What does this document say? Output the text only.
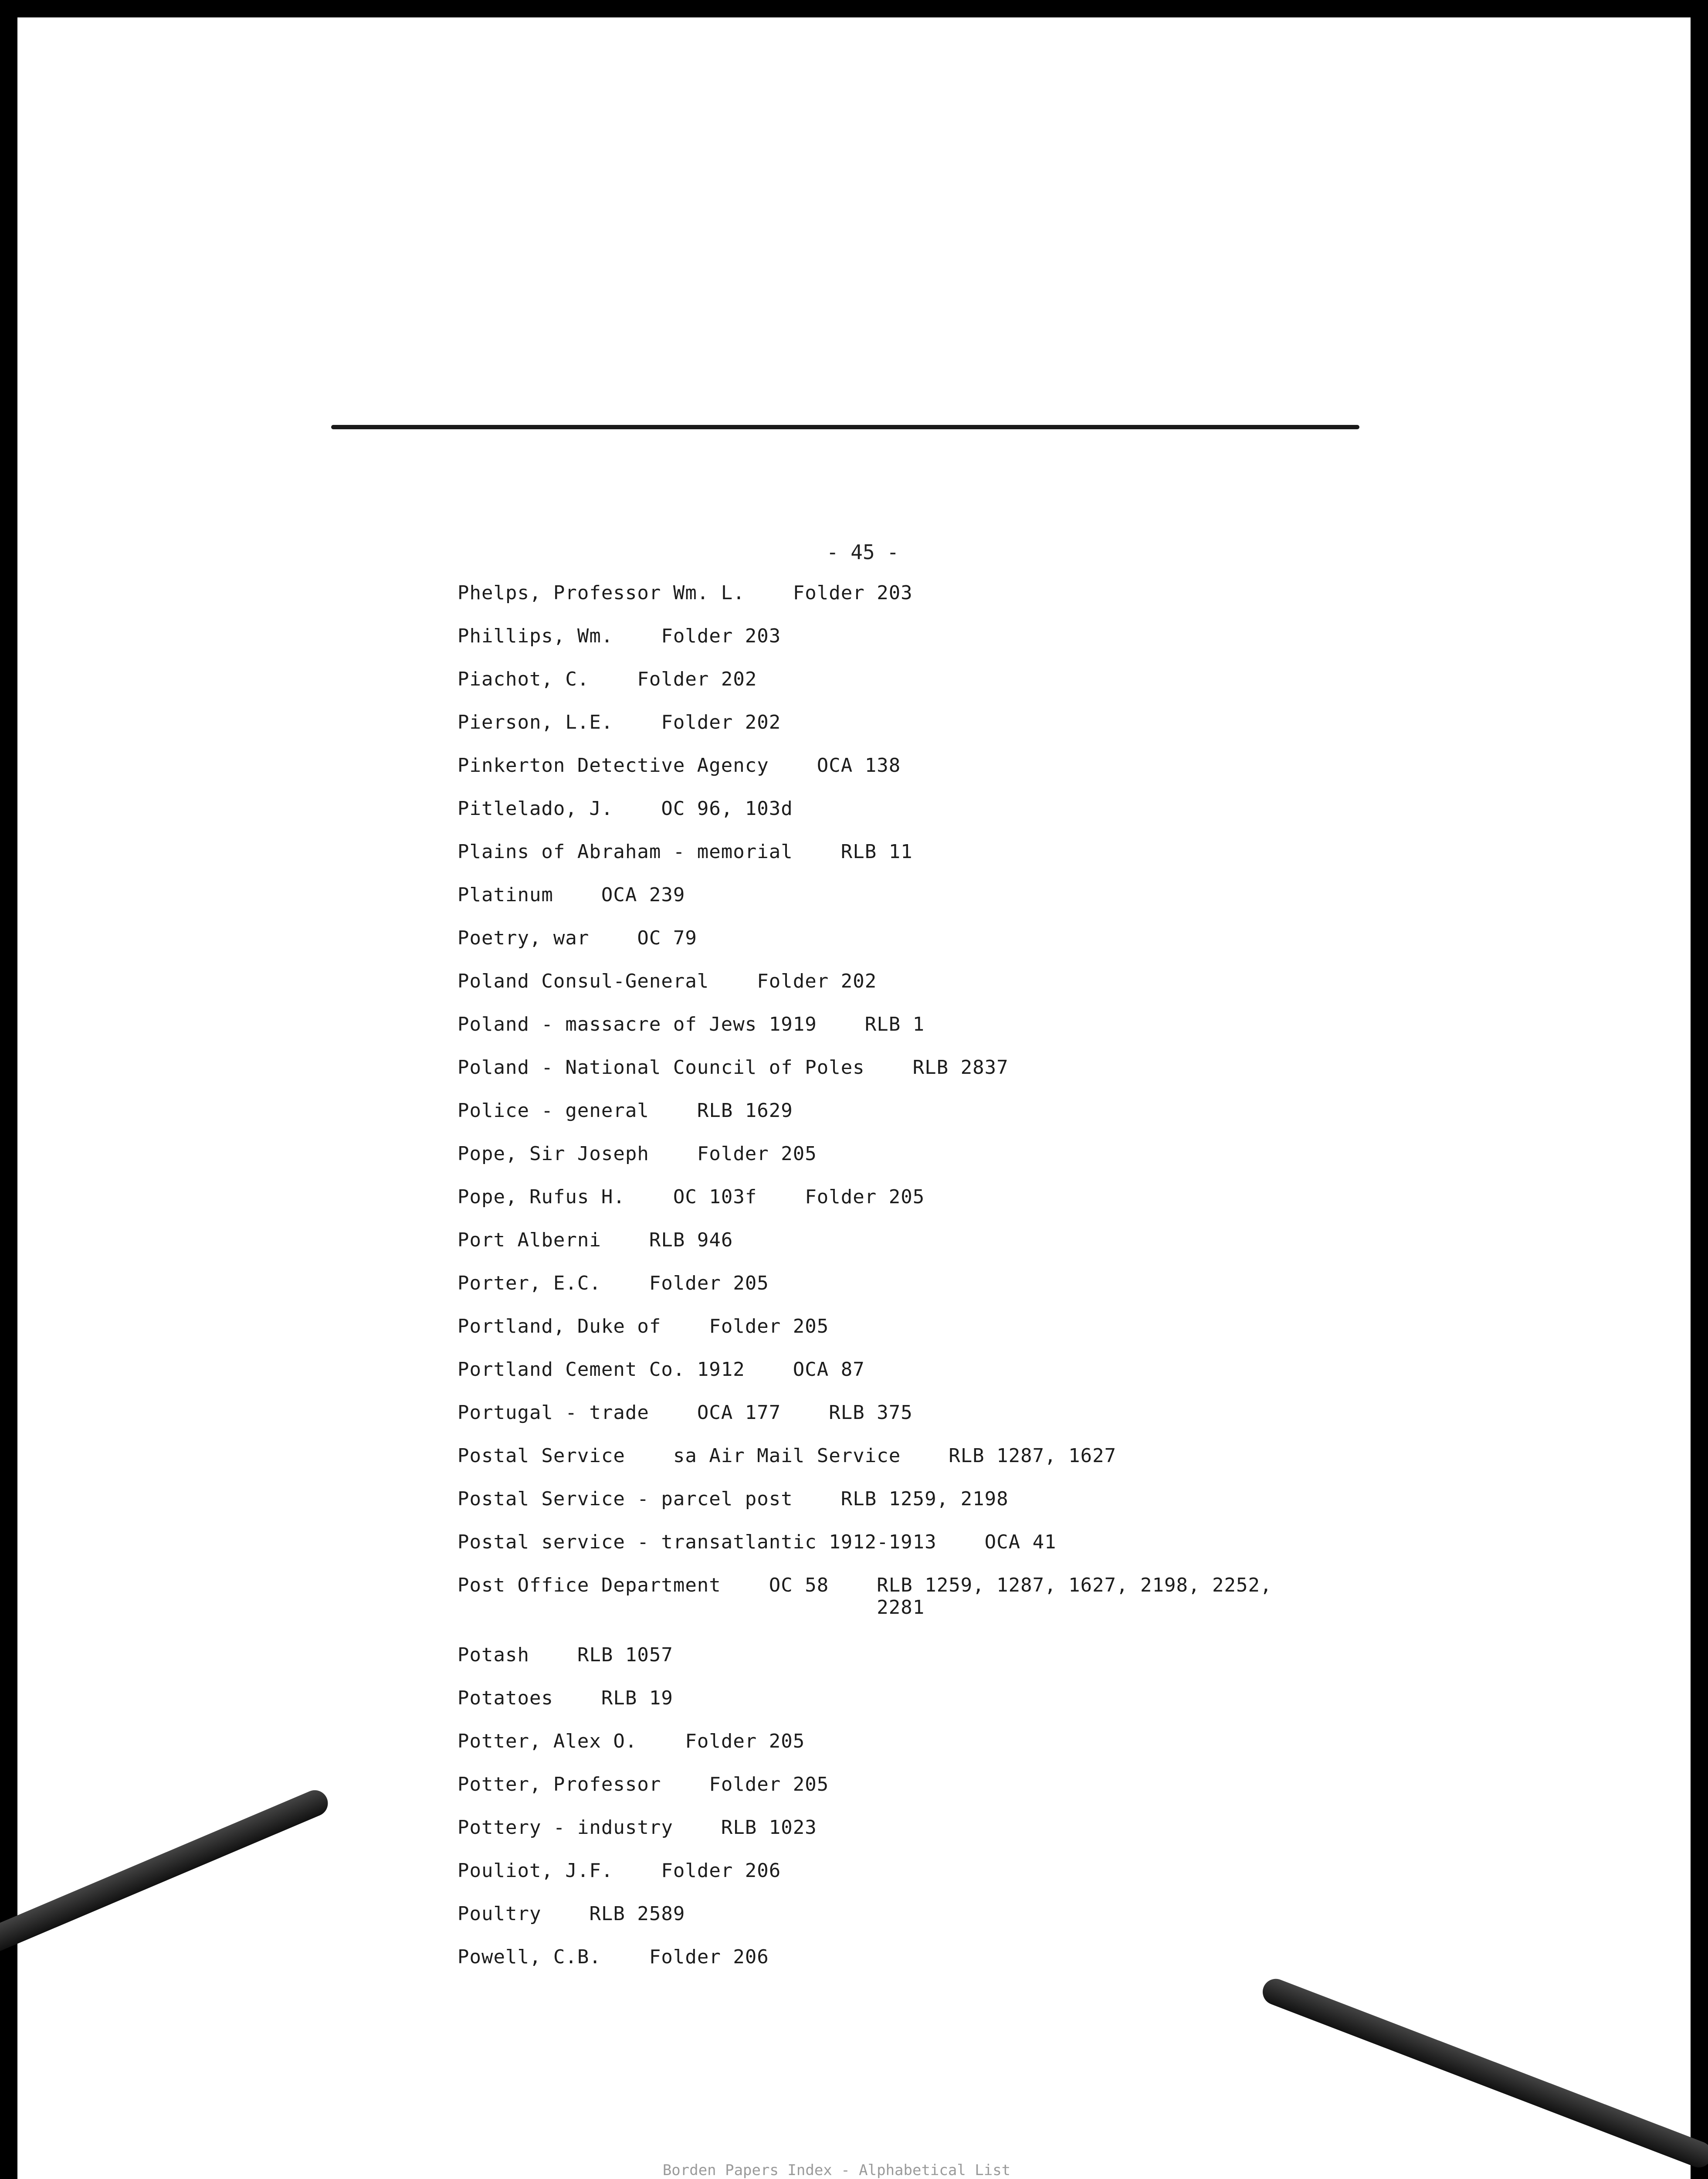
- 45 -
Phelps, Professor Wm. L.	Folder 203
Phillips, Wm.	Folder 203
Piachot, C.	Folder 202
Pierson, L.E.	Folder 202
Pinkerton Detective Agency	OCA 138
Pitlelado, J.	OC 96, 103d
Plains of Abraham - memorial	RLB 11
Platinum	OCA 239
Poetry, war	OC 79
Poland Consul-General	Folder 202
Poland - massacre of Jews 1919	RLB 1
Poland - National Council of Poles	RLB 2837
Police - general	RLB 1629
Pope, Sir Joseph	Folder 205
Pope, Rufus H.	OC 103f	Folder 205
Port Alberni	RLB 946
Porter, E.C.	Folder 205
Portland, Duke of	Folder 205
Portland Cement Co. 1912	OCA 87
Portugal - trade	OCA 177	RLB 375
Postal Service	sa Air Mail Service	RLB 1287, 1627
Postal Service - parcel post	RLB 1259, 2198
Postal service - transatlantic 1912-1913	OCA 41
Post Office Department	OC 58	RLB 1259, 1287, 1627, 2198, 2252, 2281
Potash	RLB 1057
Potatoes	RLB 19
Potter, Alex O.	Folder 205
Potter, Professor	Folder 205
Pottery - industry	RLB 1023
Pouliot, J.F.	Folder 206
Poultry	RLB 2589
Powell, C.B.	Folder 206
Borden Papers Index - Alphabetical List
